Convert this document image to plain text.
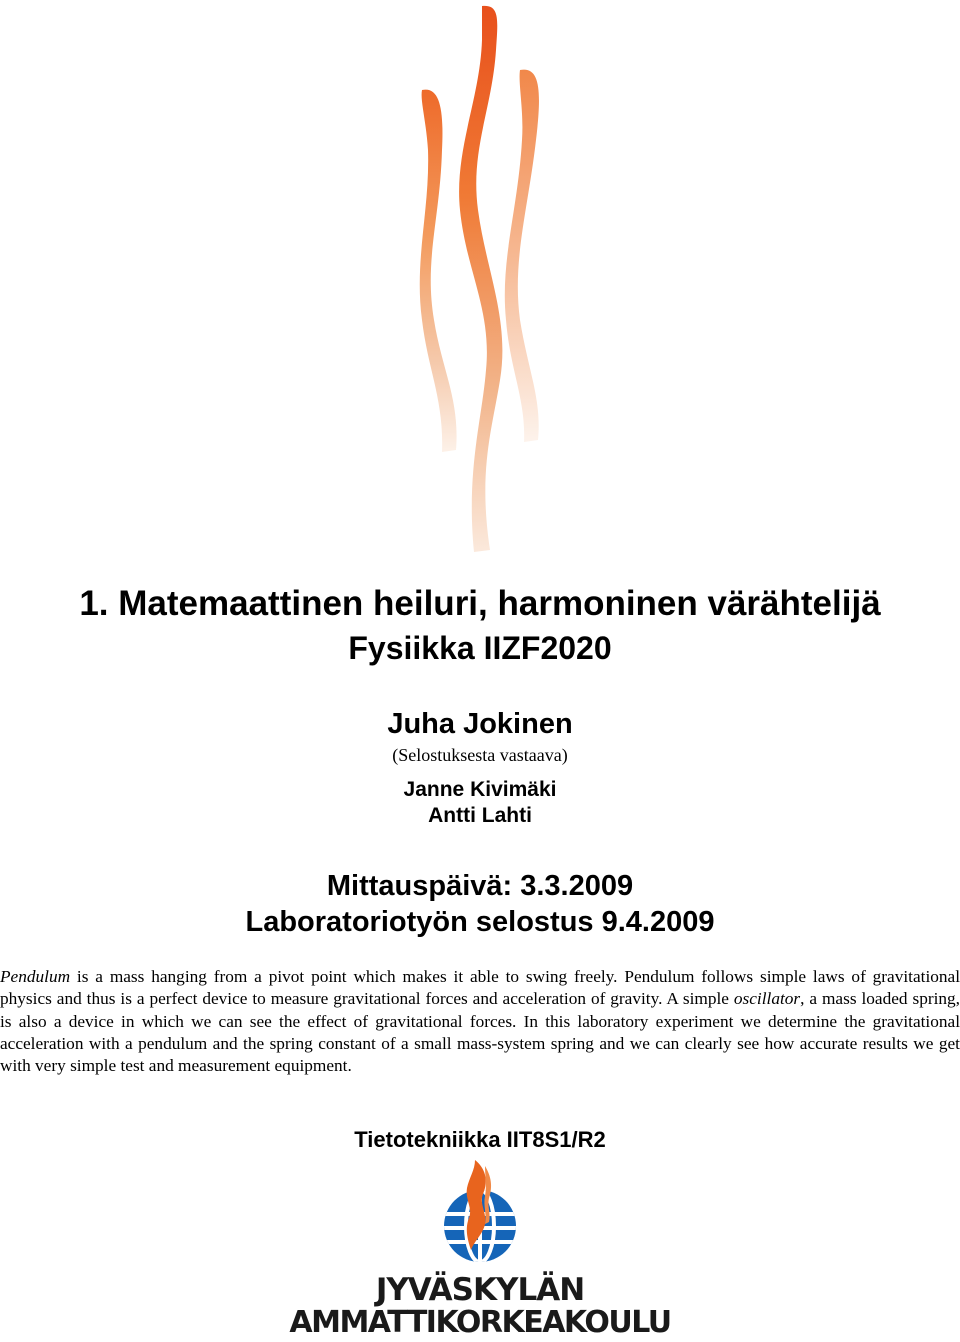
1. Matemaattinen heiluri, harmoninen värähtelijä
Fysiikka IIZF2020
Juha Jokinen
(Selostuksesta vastaava)
Janne Kivimäki
Antti Lahti
Mittauspäivä: 3.3.2009
Laboratoriotyön selostus 9.4.2009

Pendulum is a mass hanging from a pivot point which makes it able to swing freely. Pendulum follows simple laws of gravitational physics and thus is a perfect device to measure gravitational forces and acceleration of gravity. A simple oscillator, a mass loaded spring, is also a device in which we can see the effect of gravitational forces. In this laboratory experiment we determine the gravitational acceleration with a pendulum and the spring constant of a small mass-system spring and we can clearly see how accurate results we get with very simple test and measurement equipment.

Tietotekniikka IIT8S1/R2
JYVÄSKYLÄN
AMMATTIKORKEAKOULU
